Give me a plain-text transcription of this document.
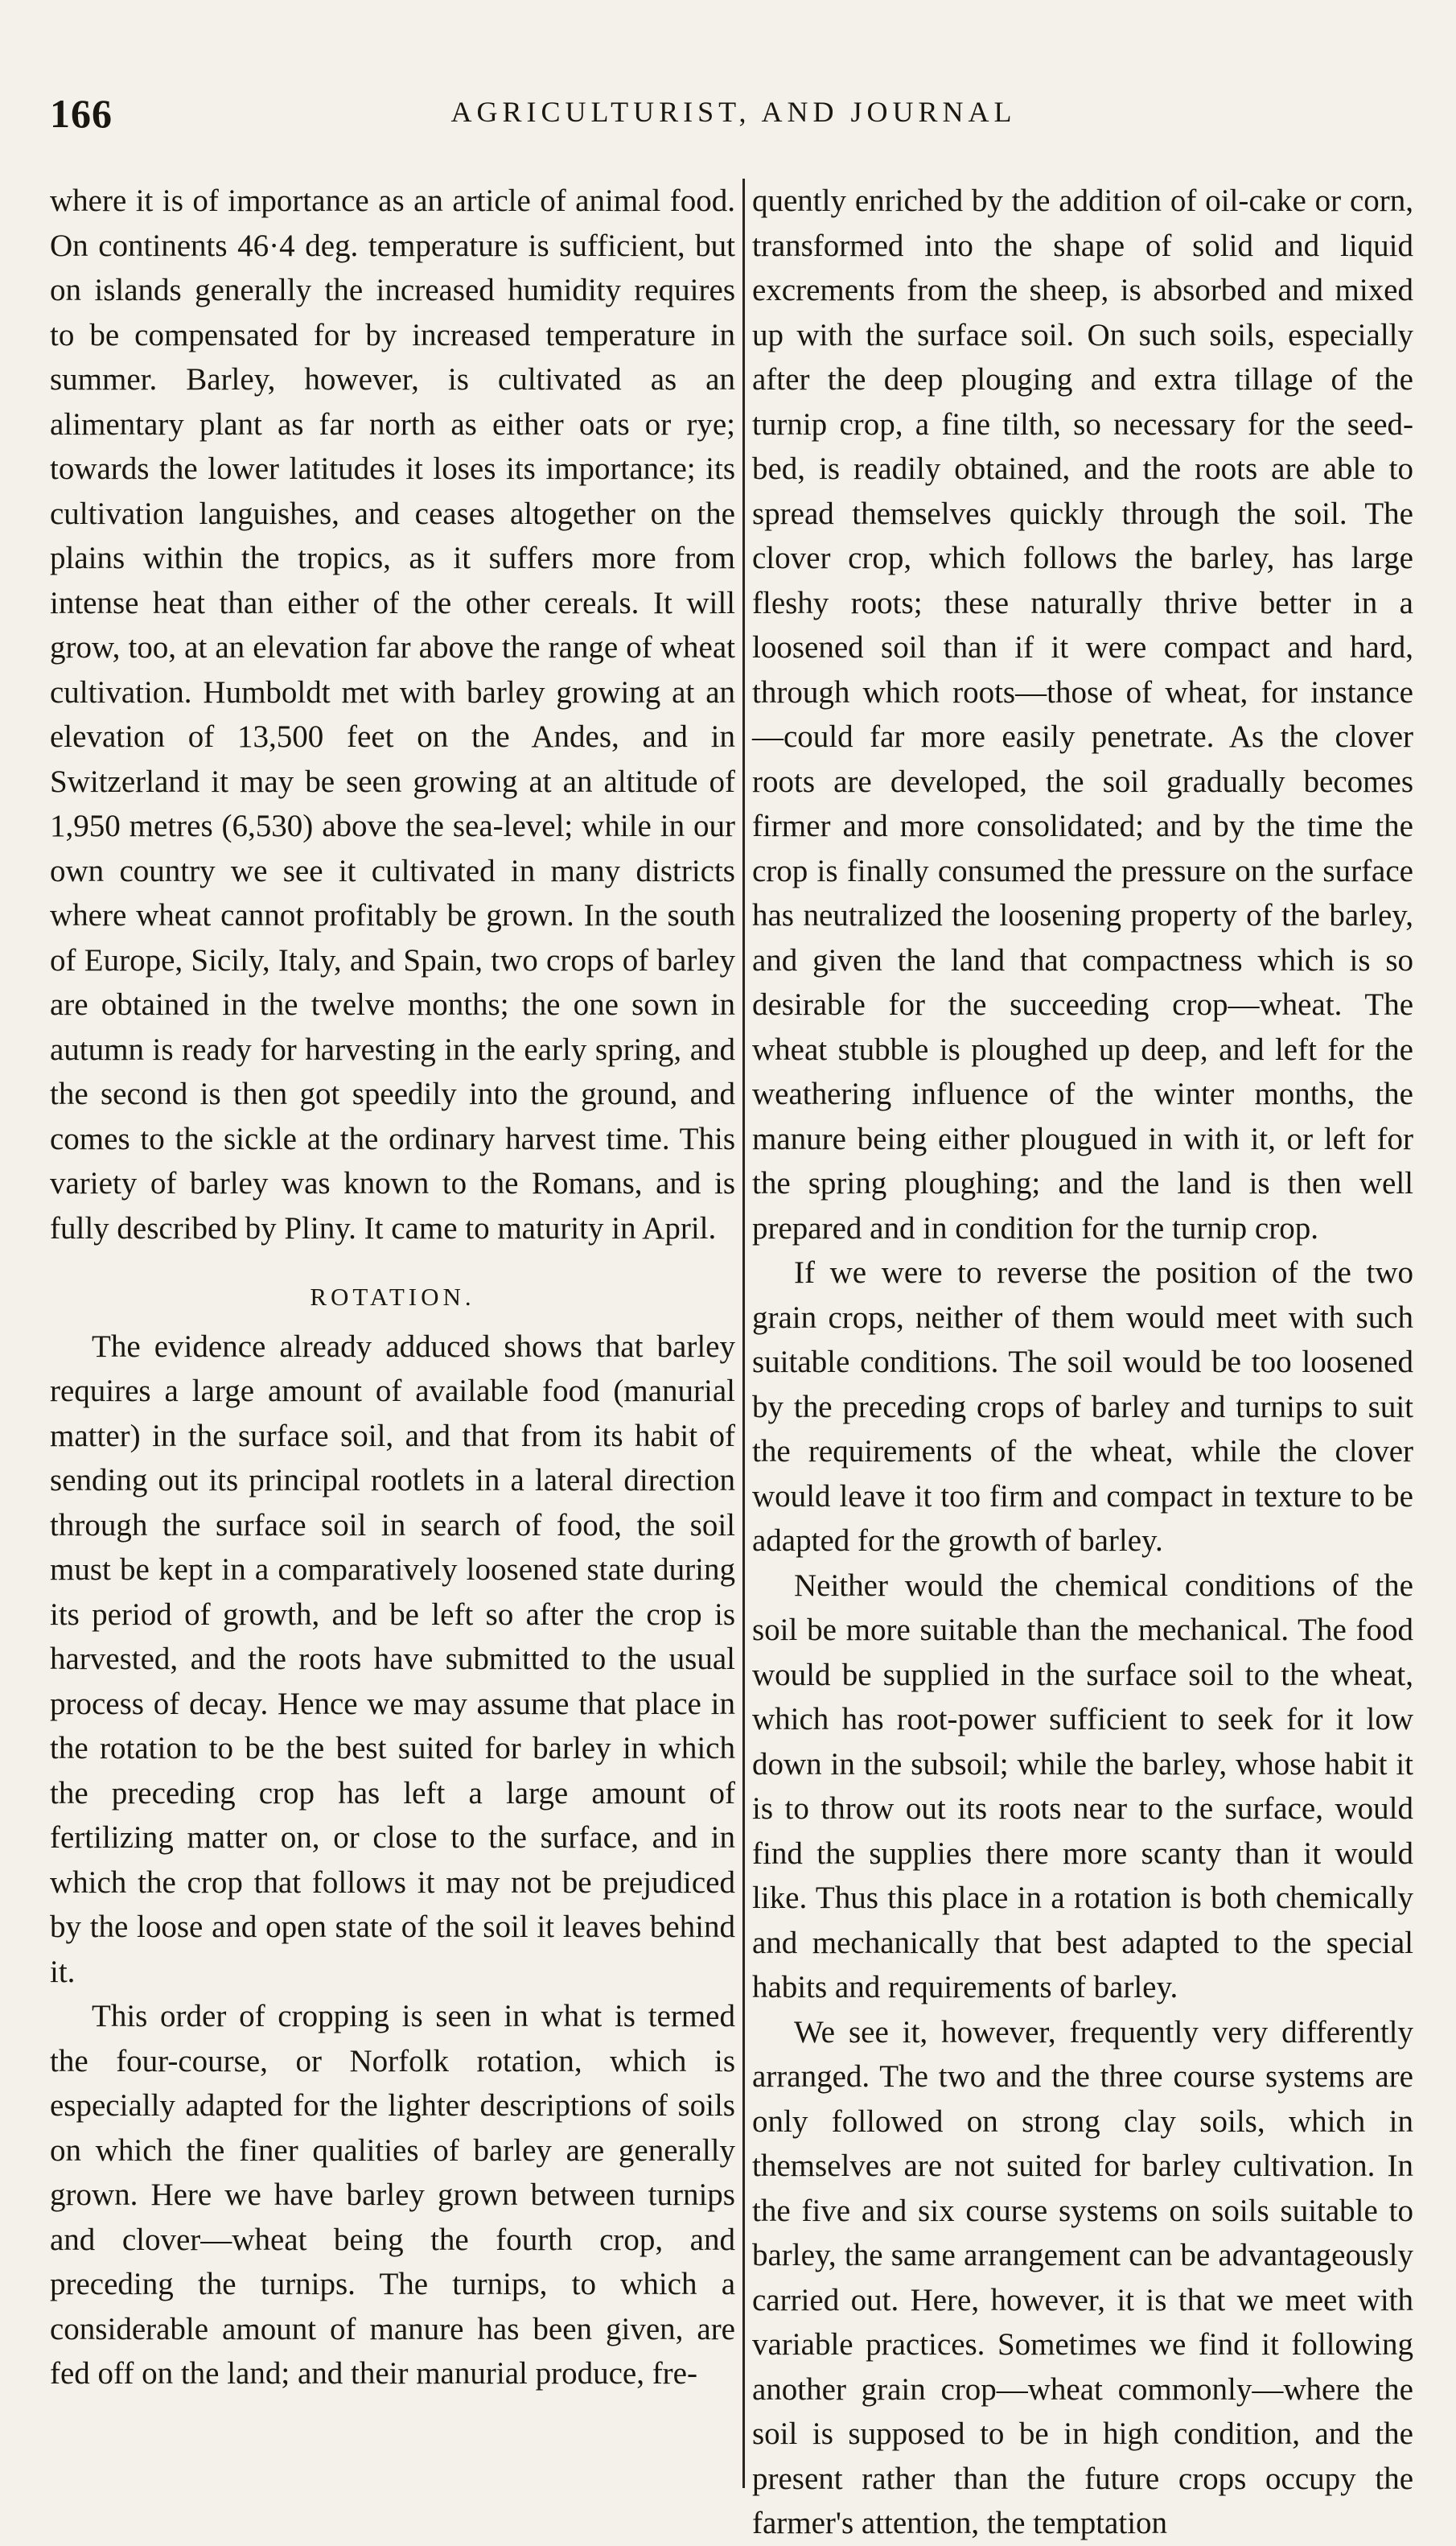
166	AGRICULTURIST, AND JOURNAL

where it is of importance as an article of animal food. On continents 46·4 deg. temperature is sufficient, but on islands generally the increased humidity requires to be compensated for by increased temperature in summer. Barley, however, is cultivated as an alimentary plant as far north as either oats or rye; towards the lower latitudes it loses its importance; its cultivation languishes, and ceases altogether on the plains within the tropics, as it suffers more from intense heat than either of the other cereals. It will grow, too, at an elevation far above the range of wheat cultivation. Humboldt met with barley growing at an elevation of 13,500 feet on the Andes, and in Switzerland it may be seen growing at an altitude of 1,950 metres (6,530) above the sea-level; while in our own country we see it cultivated in many districts where wheat cannot profitably be grown. In the south of Europe, Sicily, Italy, and Spain, two crops of barley are obtained in the twelve months; the one sown in autumn is ready for harvesting in the early spring, and the second is then got speedily into the ground, and comes to the sickle at the ordinary harvest time. This variety of barley was known to the Romans, and is fully described by Pliny. It came to maturity in April.

ROTATION.

The evidence already adduced shows that barley requires a large amount of available food (manurial matter) in the surface soil, and that from its habit of sending out its principal rootlets in a lateral direction through the surface soil in search of food, the soil must be kept in a comparatively loosened state during its period of growth, and be left so after the crop is harvested, and the roots have submitted to the usual process of decay. Hence we may assume that place in the rotation to be the best suited for barley in which the preceding crop has left a large amount of fertilizing matter on, or close to the surface, and in which the crop that follows it may not be prejudiced by the loose and open state of the soil it leaves behind it.

This order of cropping is seen in what is termed the four-course, or Norfolk rotation, which is especially adapted for the lighter descriptions of soils on which the finer qualities of barley are generally grown. Here we have barley grown between turnips and clover—wheat being the fourth crop, and preceding the turnips. The turnips, to which a considerable amount of manure has been given, are fed off on the land; and their manurial produce, fre-

quently enriched by the addition of oil-cake or corn, transformed into the shape of solid and liquid excrements from the sheep, is absorbed and mixed up with the surface soil. On such soils, especially after the deep plouging and extra tillage of the turnip crop, a fine tilth, so necessary for the seed-bed, is readily obtained, and the roots are able to spread themselves quickly through the soil. The clover crop, which follows the barley, has large fleshy roots; these naturally thrive better in a loosened soil than if it were compact and hard, through which roots—those of wheat, for instance—could far more easily penetrate. As the clover roots are developed, the soil gradually becomes firmer and more consolidated; and by the time the crop is finally consumed the pressure on the surface has neutralized the loosening property of the barley, and given the land that compactness which is so desirable for the succeeding crop—wheat. The wheat stubble is ploughed up deep, and left for the weathering influence of the winter months, the manure being either plougued in with it, or left for the spring ploughing; and the land is then well prepared and in condition for the turnip crop.

If we were to reverse the position of the two grain crops, neither of them would meet with such suitable conditions. The soil would be too loosened by the preceding crops of barley and turnips to suit the requirements of the wheat, while the clover would leave it too firm and compact in texture to be adapted for the growth of barley.

Neither would the chemical conditions of the soil be more suitable than the mechanical. The food would be supplied in the surface soil to the wheat, which has root-power sufficient to seek for it low down in the subsoil; while the barley, whose habit it is to throw out its roots near to the surface, would find the supplies there more scanty than it would like. Thus this place in a rotation is both chemically and mechanically that best adapted to the special habits and requirements of barley.

We see it, however, frequently very differently arranged. The two and the three course systems are only followed on strong clay soils, which in themselves are not suited for barley cultivation. In the five and six course systems on soils suitable to barley, the same arrangement can be advantageously carried out. Here, however, it is that we meet with variable practices. Sometimes we find it following another grain crop—wheat commonly—where the soil is supposed to be in high condition, and the present rather than the future crops occupy the farmer's attention, the temptation
